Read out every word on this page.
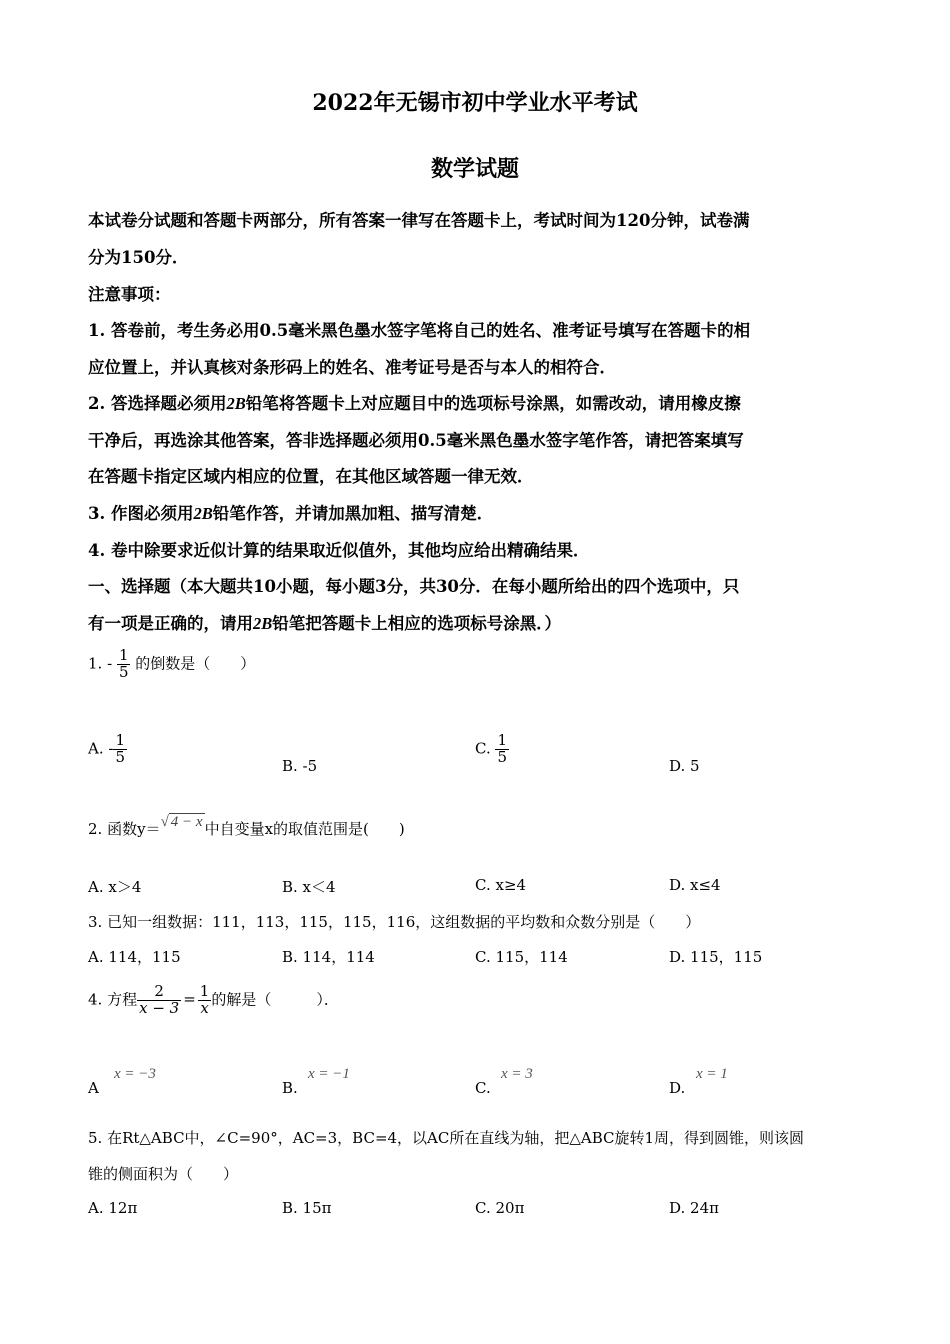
2022年无锡市初中学业水平考试
数学试题
本试卷分试题和答题卡两部分，所有答案一律写在答题卡上，考试时间为120分钟，试卷满
分为150分．
注意事项：
1. 答卷前，考生务必用0.5毫米黑色墨水签字笔将自己的姓名、准考证号填写在答题卡的相
应位置上，并认真核对条形码上的姓名、准考证号是否与本人的相符合．
2. 答选择题必须用2B铅笔将答题卡上对应题目中的选项标号涂黑，如需改动，请用橡皮擦
干净后，再选涂其他答案，答非选择题必须用0.5毫米黑色墨水签字笔作答，请把答案填写
在答题卡指定区域内相应的位置，在其他区域答题一律无效．
3. 作图必须用2B铅笔作答，并请加黑加粗、描写清楚．
4. 卷中除要求近似计算的结果取近似值外，其他均应给出精确结果．
一、选择题（本大题共10小题，每小题3分，共30分．在每小题所给出的四个选项中，只
有一项是正确的，请用2B铅笔把答题卡上相应的选项标号涂黑．）
1. - $\frac{1}{5}$ 的倒数是（　　）
A. - $\frac{1}{5}$
B. -5
C. $\frac{1}{5}$
D. 5
2. 函数y＝√ 4 − x 中自变量x的取值范围是(　　)
A. x＞4	B. x＜4	C. x≥4	D. x≤4
3. 已知一组数据：111，113，115，115，116，这组数据的平均数和众数分别是（　　）
A. 114，115	B. 114，114	C. 115，114	D. 115，115
4. 方程 $\frac{2}{x - 3} = \frac{1}{x}$ 的解是（　　　）．
A
x = −3
B.
x = −1
C.
x = 3
D.
x = 1
5. 在Rt△ABC中，∠C=90°，AC=3，BC=4，以AC所在直线为轴，把△ABC旋转1周，得到圆锥，则该圆
锥的侧面积为（　　）
A. 12π	B. 15π	C. 20π	D. 24π
